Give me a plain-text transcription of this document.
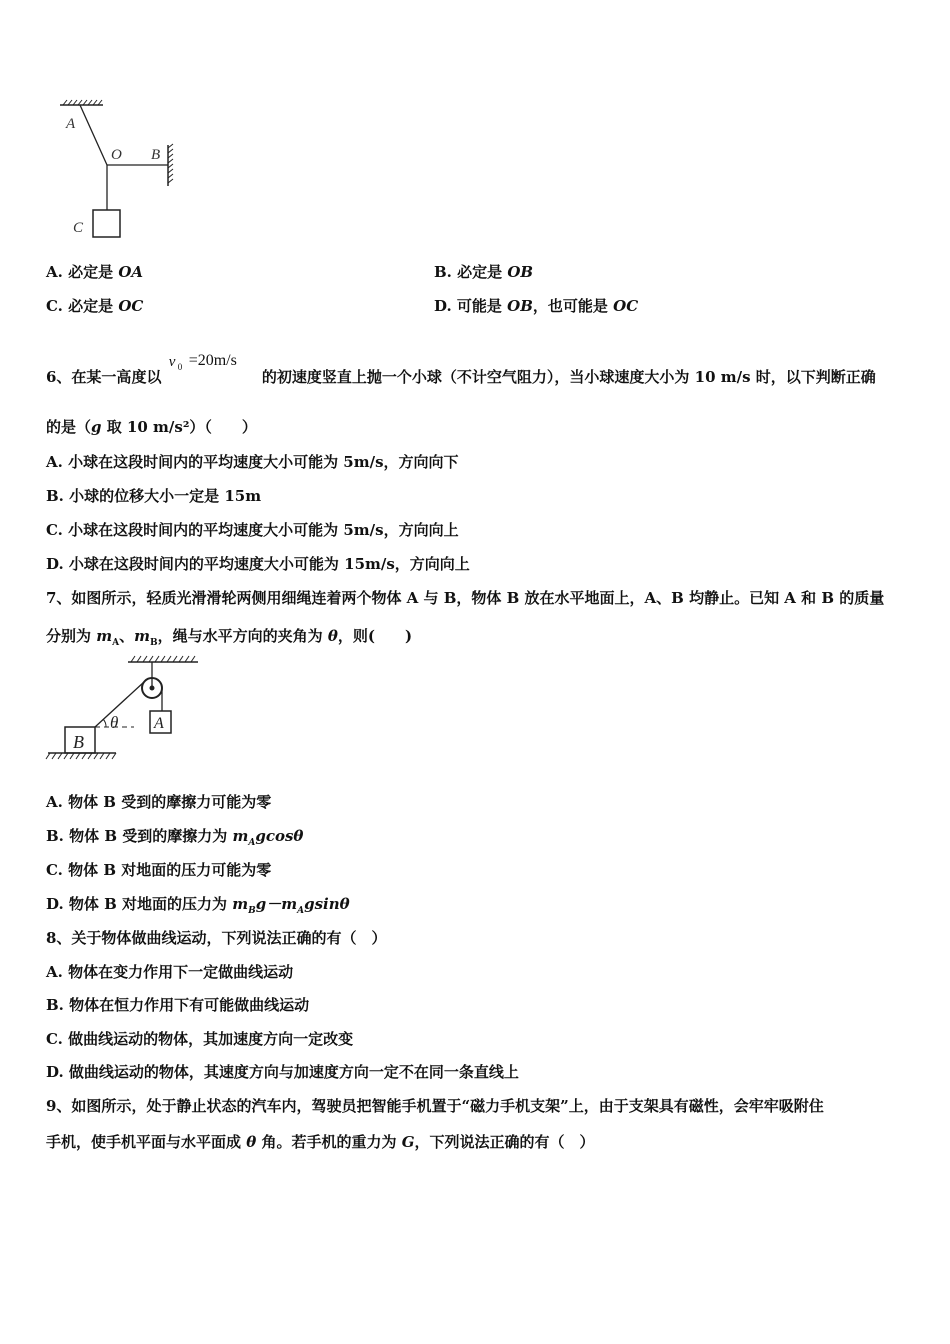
A
O B
C
A. 必定是 OA	B. 必定是 OB
C. 必定是 OC	D. 可能是 OB，也可能是 OC
6、在某一高度以
v 0 =20m/s
的初速度竖直上抛一个小球（不计空气阻力），当小球速度大小为 10 m/s 时，以下判断正确
的是（g 取 10 m/s²）（　　）
A. 小球在这段时间内的平均速度大小可能为 5m/s，方向向下
B. 小球的位移大小一定是 15m
C. 小球在这段时间内的平均速度大小可能为 5m/s，方向向上
D. 小球在这段时间内的平均速度大小可能为 15m/s，方向向上
7、如图所示，轻质光滑滑轮两侧用细绳连着两个物体 A 与 B，物体 B 放在水平地面上，A、B 均静止。已知 A 和 B 的质量
分别为 $m_A$、$m_B$，绳与水平方向的夹角为 θ，则(　　)
A
B
θ
A. 物体 B 受到的摩擦力可能为零
B. 物体 B 受到的摩擦力为 $m_Agcos\theta$
C. 物体 B 对地面的压力可能为零
D. 物体 B 对地面的压力为 $m_Bg-m_Agsin\theta$
8、关于物体做曲线运动，下列说法正确的有（　）
A. 物体在变力作用下一定做曲线运动
B. 物体在恒力作用下有可能做曲线运动
C. 做曲线运动的物体，其加速度方向一定改变
D. 做曲线运动的物体，其速度方向与加速度方向一定不在同一条直线上
9、如图所示，处于静止状态的汽车内，驾驶员把智能手机置于“磁力手机支架”上，由于支架具有磁性，会牢牢吸附住
手机，使手机平面与水平面成 θ 角。若手机的重力为 G，下列说法正确的有（　）
